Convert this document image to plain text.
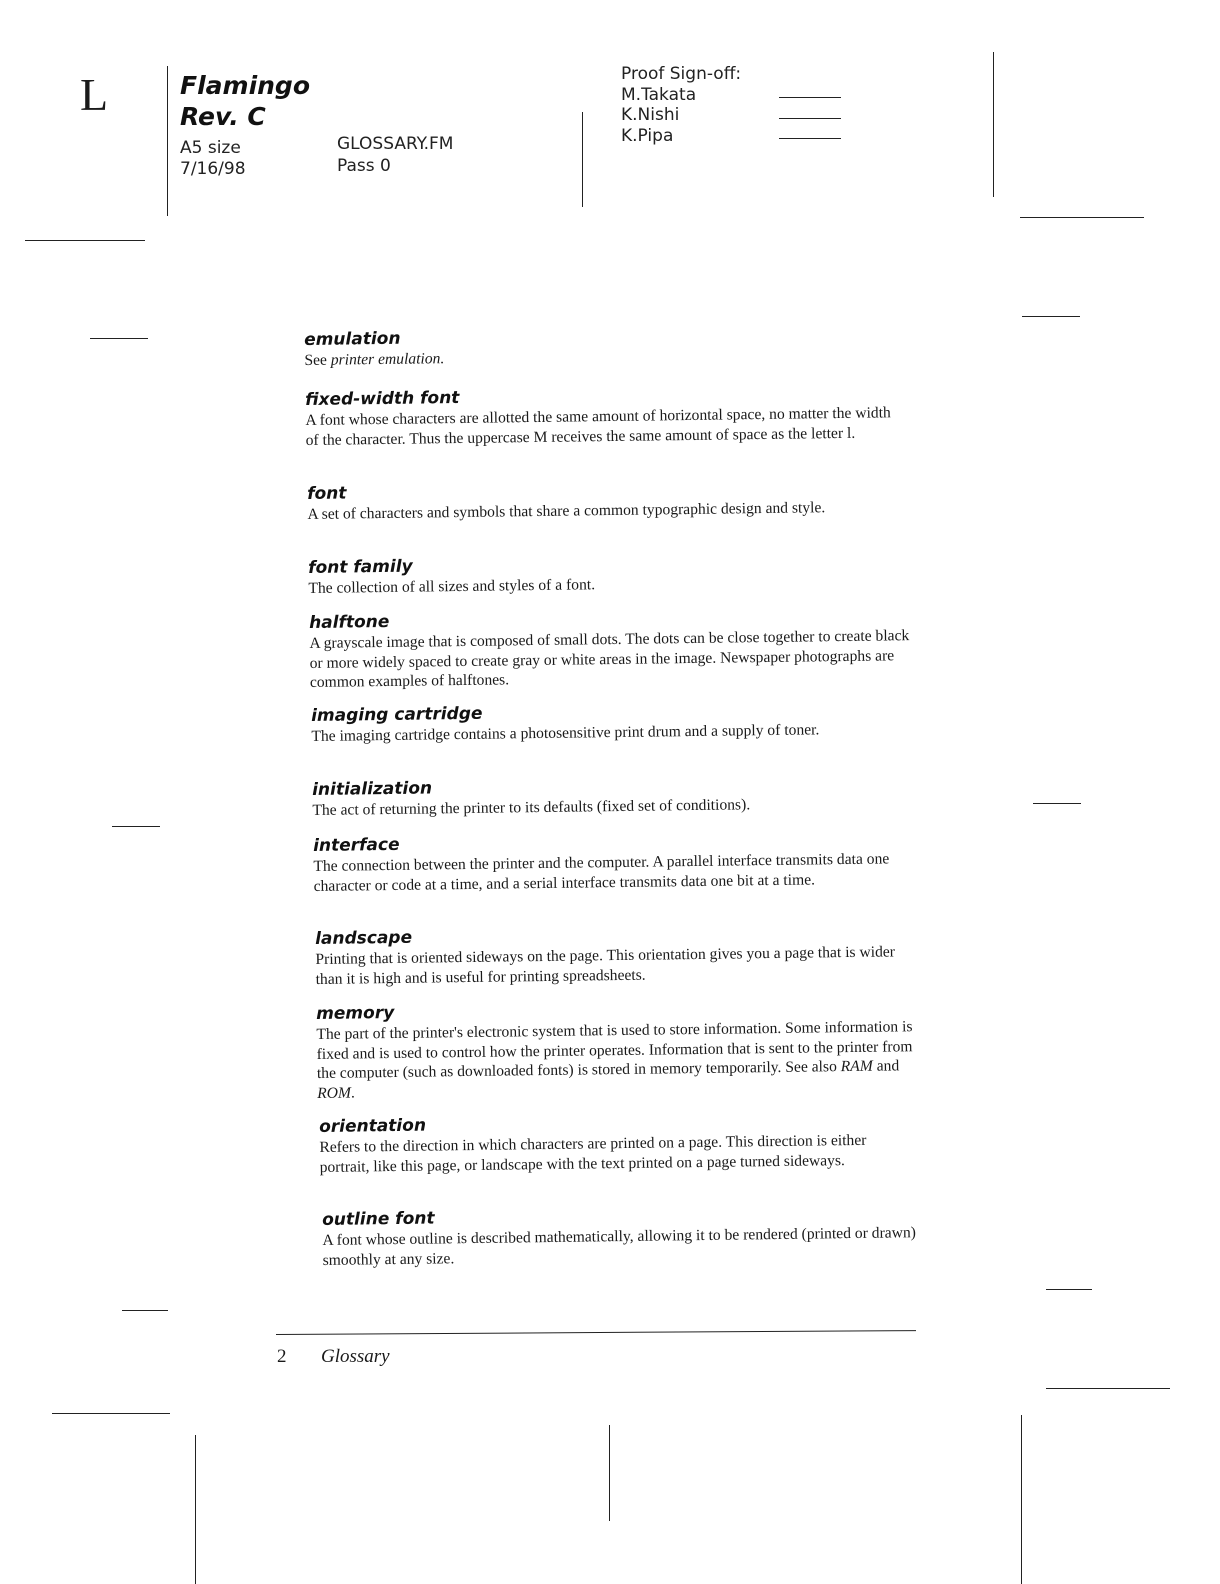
L	Flamingo
Rev. C
A5 size
7/16/98
GLOSSARY.FM
Pass 0
Proof Sign-off:
M.Takata
K.Nishi
K.Pipa
emulation
See printer emulation.
fixed-width font
A font whose characters are allotted the same amount of horizontal space, no matter the width of the character. Thus the uppercase M receives the same amount of space as the letter l.
font
A set of characters and symbols that share a common typographic design and style.
font family
The collection of all sizes and styles of a font.
halftone
A grayscale image that is composed of small dots. The dots can be close together to create black or more widely spaced to create gray or white areas in the image. Newspaper photographs are common examples of halftones.
imaging cartridge
The imaging cartridge contains a photosensitive print drum and a supply of toner.
initialization
The act of returning the printer to its defaults (fixed set of conditions).
interface
The connection between the printer and the computer. A parallel interface transmits data one character or code at a time, and a serial interface transmits data one bit at a time.
landscape
Printing that is oriented sideways on the page. This orientation gives you a page that is wider than it is high and is useful for printing spreadsheets.
memory
The part of the printer's electronic system that is used to store information. Some information is fixed and is used to control how the printer operates. Information that is sent to the printer from the computer (such as downloaded fonts) is stored in memory temporarily. See also RAM and ROM.
orientation
Refers to the direction in which characters are printed on a page. This direction is either portrait, like this page, or landscape with the text printed on a page turned sideways.
outline font
A font whose outline is described mathematically, allowing it to be rendered (printed or drawn) smoothly at any size.
2 Glossary
